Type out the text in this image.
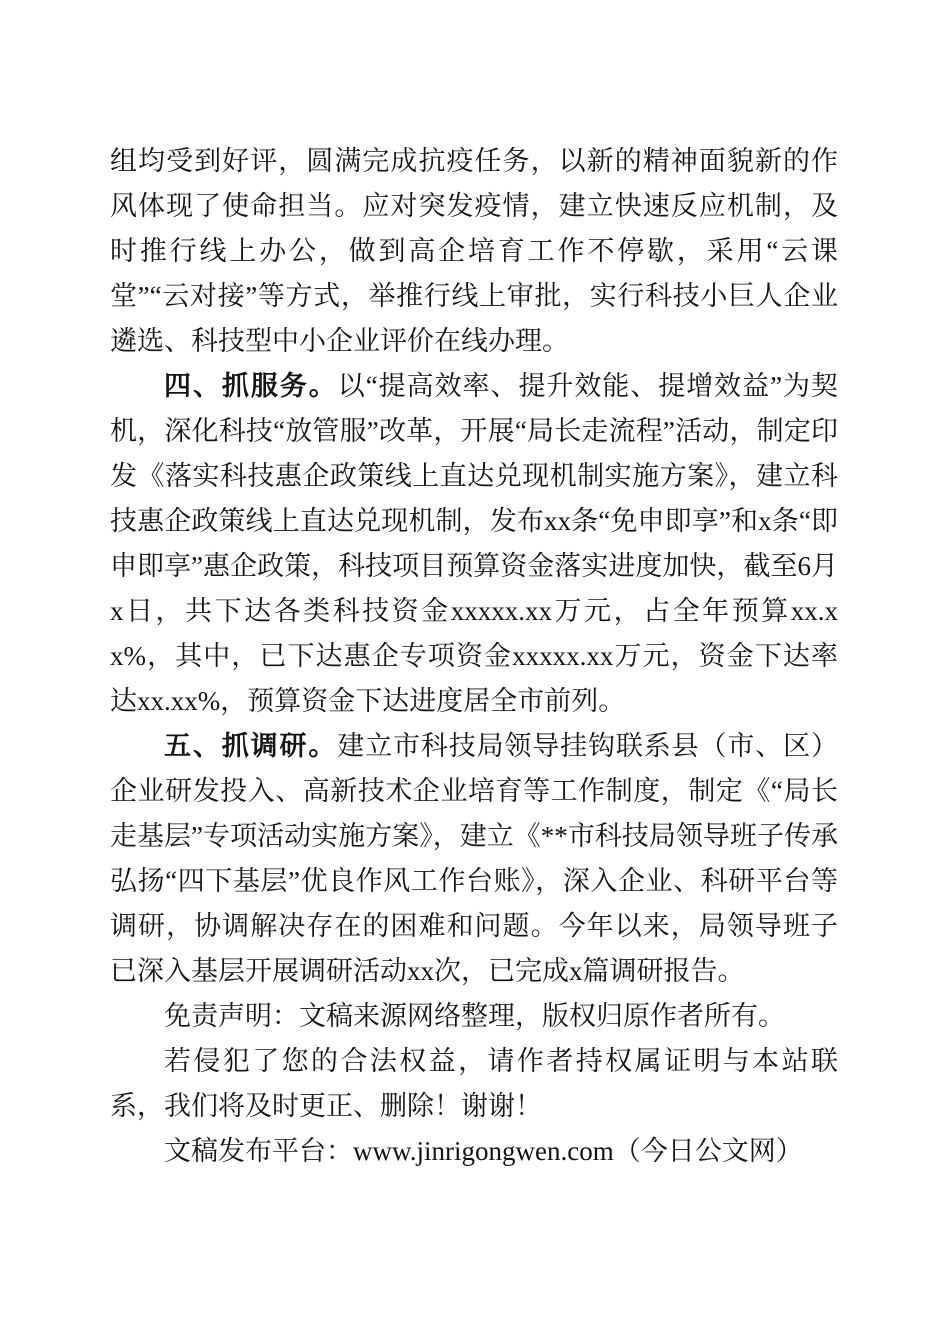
组均受到好评，圆满完成抗疫任务，以新的精神面貌新的作风体现了使命担当。应对突发疫情，建立快速反应机制，及时推行线上办公，做到高企培育工作不停歇，采用“云课堂”“云对接”等方式，举推行线上审批，实行科技小巨人企业遴选、科技型中小企业评价在线办理。

四、抓服务。以“提高效率、提升效能、提增效益”为契机，深化科技“放管服”改革，开展“局长走流程”活动，制定印发《落实科技惠企政策线上直达兑现机制实施方案》，建立科技惠企政策线上直达兑现机制，发布xx条“免申即享”和x条“即申即享”惠企政策，科技项目预算资金落实进度加快，截至6月x日，共下达各类科技资金xxxxx.xx万元，占全年预算xx.xx%，其中，已下达惠企专项资金xxxxx.xx万元，资金下达率达xx.xx%，预算资金下达进度居全市前列。

五、抓调研。建立市科技局领导挂钩联系县（市、区）企业研发投入、高新技术企业培育等工作制度，制定《“局长走基层”专项活动实施方案》，建立《**市科技局领导班子传承弘扬“四下基层”优良作风工作台账》，深入企业、科研平台等调研，协调解决存在的困难和问题。今年以来，局领导班子已深入基层开展调研活动xx次，已完成x篇调研报告。

免责声明：文稿来源网络整理，版权归原作者所有。

若侵犯了您的合法权益，请作者持权属证明与本站联系，我们将及时更正、删除！谢谢！

文稿发布平台：www.jinrigongwen.com（今日公文网）
